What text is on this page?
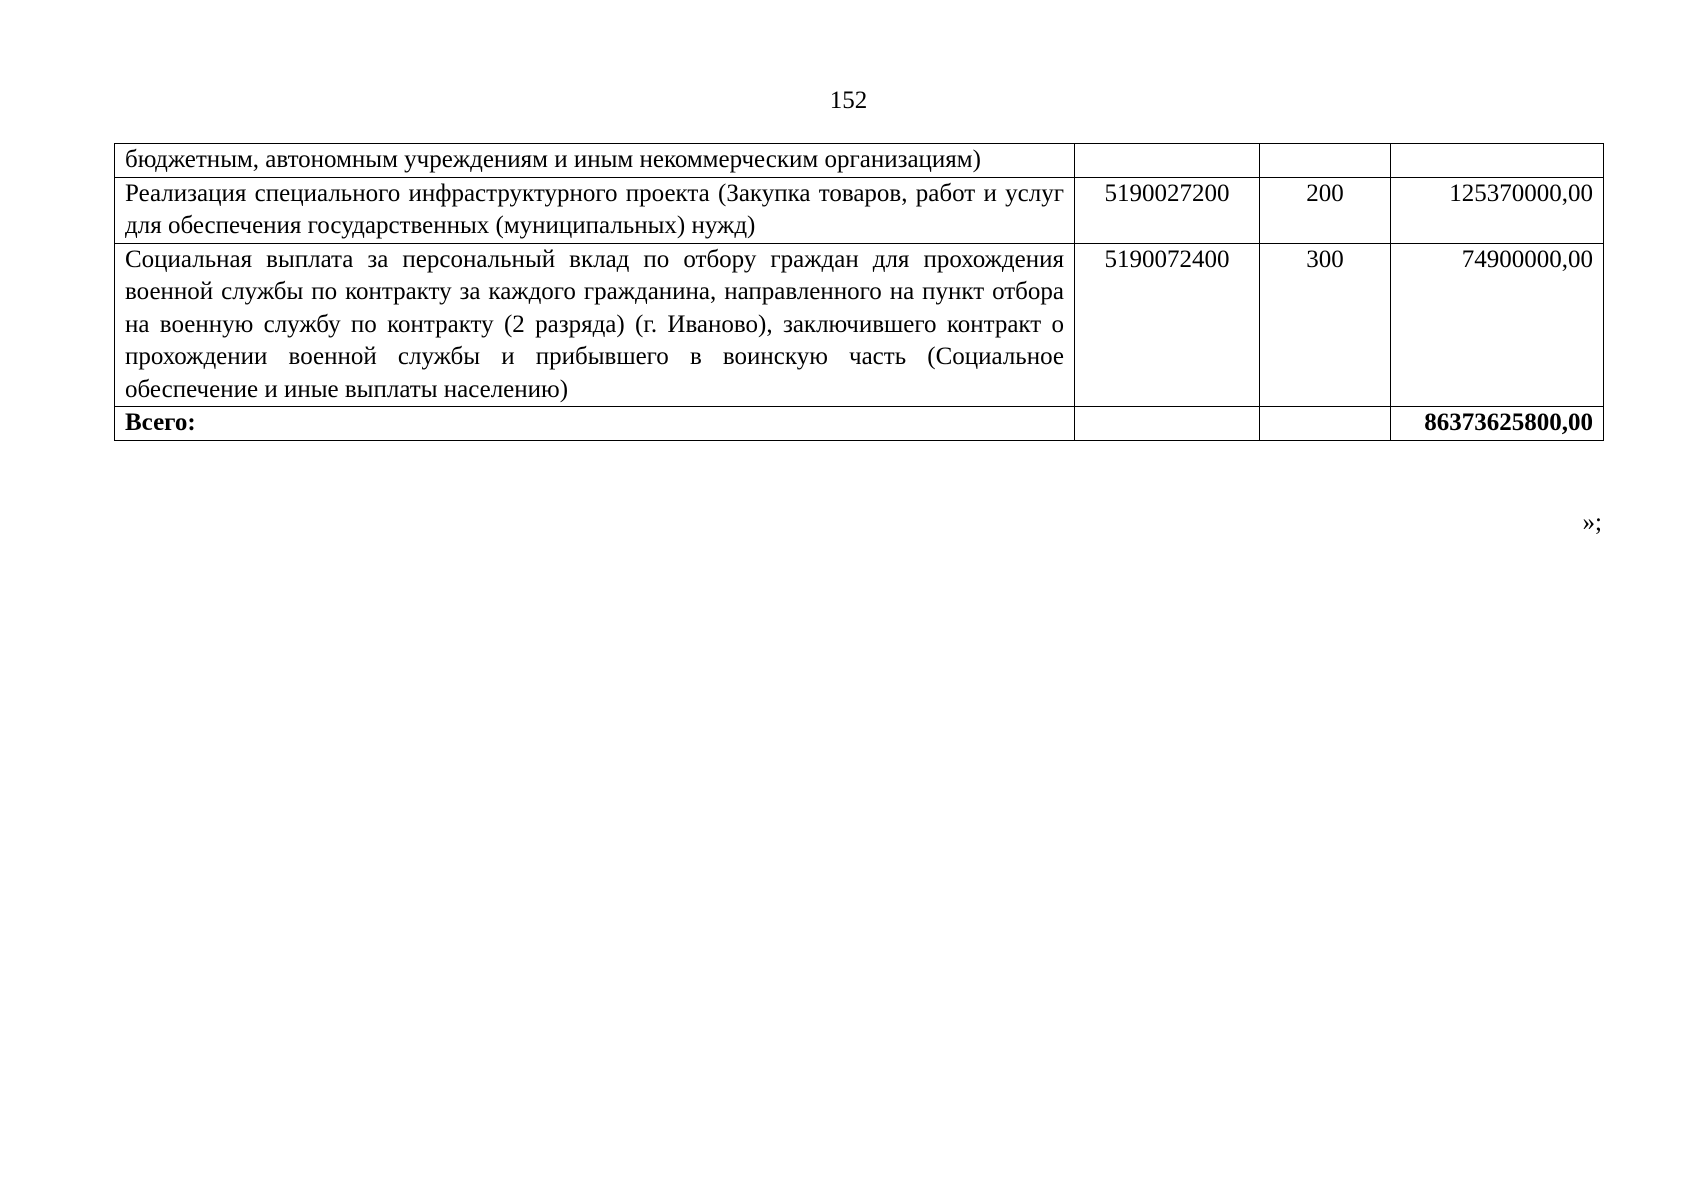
152
бюджетным, автономным учреждениям и иным некоммерческим организациям)			
Реализация специального инфраструктурного проекта (Закупка товаров, работ и услуг для обеспечения государственных (муниципальных) нужд)	5190027200	200	125370000,00
Социальная выплата за персональный вклад по отбору граждан для прохождения военной службы по контракту за каждого гражданина, направленного на пункт отбора на военную службу по контракту (2 разряда) (г. Иваново), заключившего контракт о прохождении военной службы и прибывшего в воинскую часть (Социальное обеспечение и иные выплаты населению)	5190072400	300	74900000,00
Всего:			86373625800,00
»;
